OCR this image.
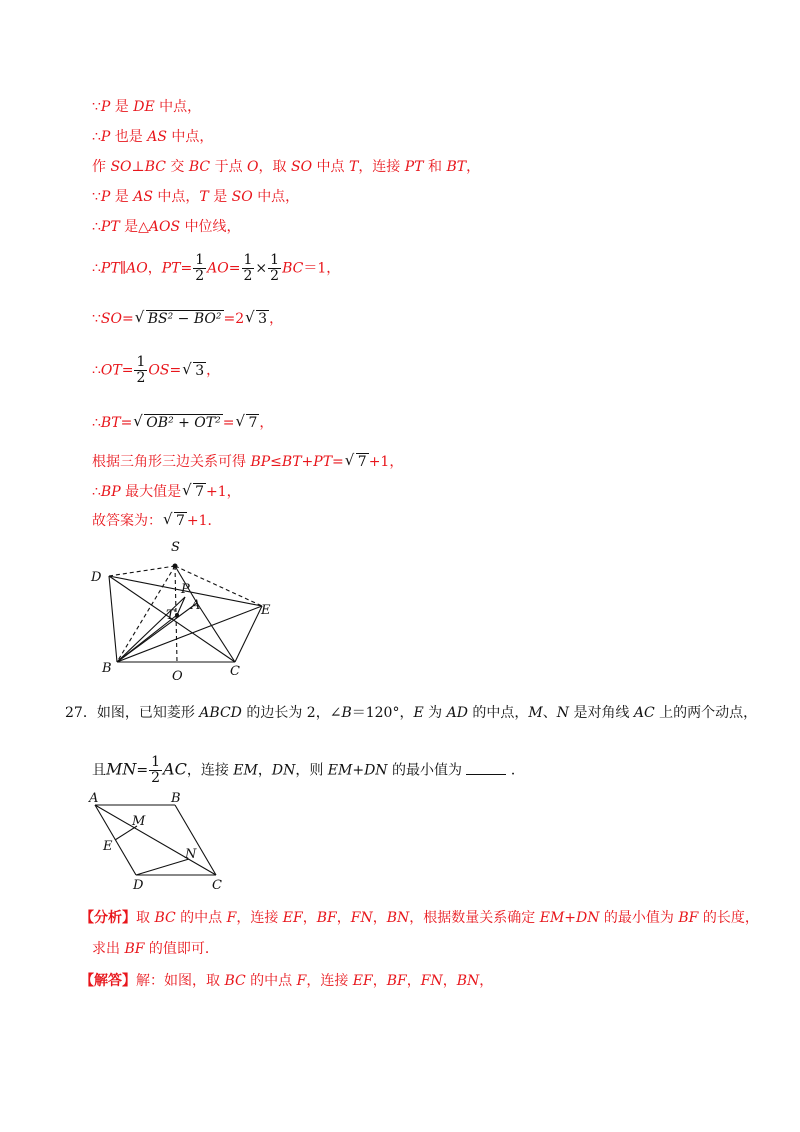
∵P 是 DE 中点，
∴P 也是 AS 中点，
作 SO⊥BC 交 BC 于点 O，取 SO 中点 T，连接 PT 和 BT，
∵P 是 AS 中点，T 是 SO 中点，
∴PT 是△AOS 中位线，
∴PT∥AO，$PT= \frac{1}{2} AO= \frac{1}{2} \times \frac{1}{2} BC=1$，
∵SO= √ BS² − BO² =2 √ 3 ，
∴OT= $\frac{1}{2} OS=$ √ 3 ，
∴BT= √ OB² + OT² = √ 7 ，
根据三角形三边关系可得 BP≤BT+PT= √ 7 +1，
∴BP 最大值是 √ 7 +1，
故答案为： √ 7 +1．
S
D
P
A
T	E
B	C
O
27．如图，已知菱形 ABCD 的边长为 2，∠B＝120°，E 为 AD 的中点，M、N 是对角线 AC 上的两个动点，
且$MN= \frac{1}{2}$ AC，连接 EM，DN，则 EM+DN 的最小值为	．
A	B
M
E
N
D	C
【分析】取 BC 的中点 F，连接 EF，BF，FN，BN，根据数量关系确定 EM+DN 的最小值为 BF 的长度，
求出 BF 的值即可．
【解答】解：如图，取 BC 的中点 F，连接 EF，BF，FN，BN，
